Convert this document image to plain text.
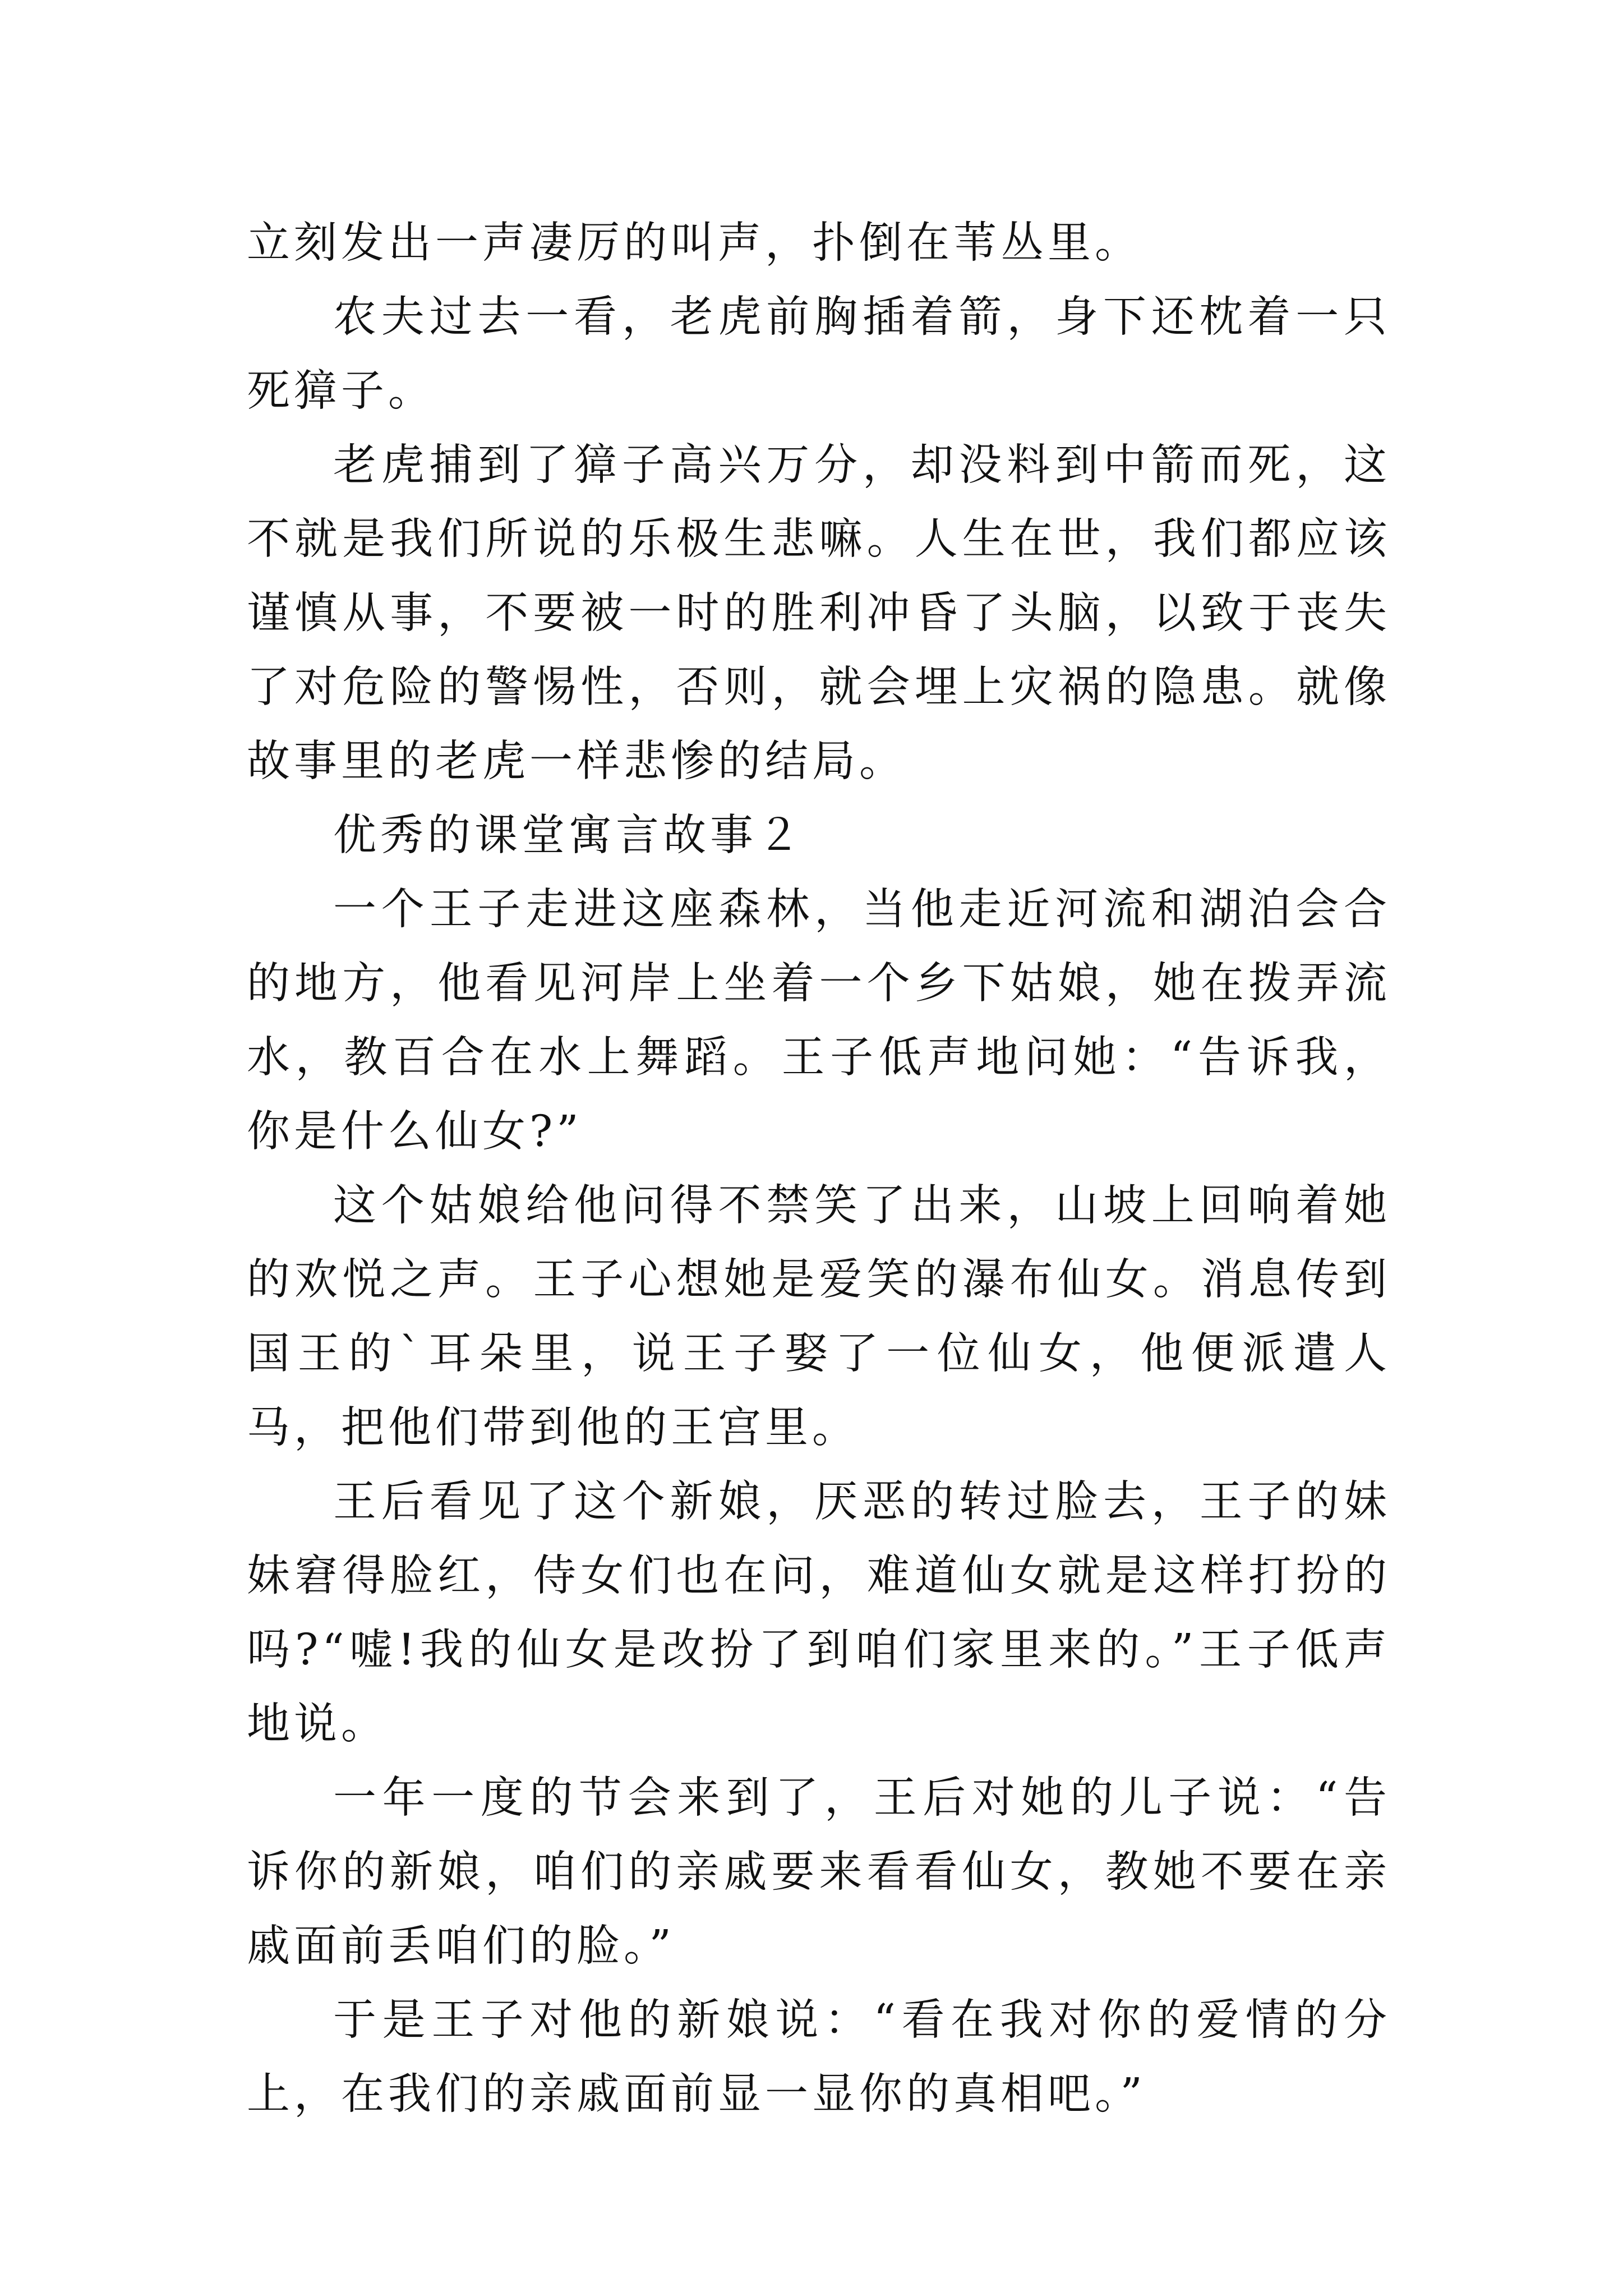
立刻发出一声凄厉的叫声，扑倒在苇丛里。

农夫过去一看，老虎前胸插着箭，身下还枕着一只死獐子。

老虎捕到了獐子高兴万分，却没料到中箭而死，这不就是我们所说的乐极生悲嘛。人生在世，我们都应该谨慎从事，不要被一时的胜利冲昏了头脑，以致于丧失了对危险的警惕性，否则，就会埋上灾祸的隐患。就像故事里的老虎一样悲惨的结局。

优秀的课堂寓言故事２

一个王子走进这座森林，当他走近河流和湖泊会合的地方，他看见河岸上坐着一个乡下姑娘，她在拨弄流水，教百合在水上舞蹈。王子低声地问她：“告诉我，你是什么仙女?”

这个姑娘给他问得不禁笑了出来，山坡上回响着她的欢悦之声。王子心想她是爱笑的瀑布仙女。消息传到国王的`耳朵里，说王子娶了一位仙女，他便派遣人马，把他们带到他的王宫里。

王后看见了这个新娘，厌恶的转过脸去，王子的妹妹窘得脸红，侍女们也在问，难道仙女就是这样打扮的吗?“嘘!我的仙女是改扮了到咱们家里来的。”王子低声地说。

一年一度的节会来到了，王后对她的儿子说：“告诉你的新娘，咱们的亲戚要来看看仙女，教她不要在亲戚面前丢咱们的脸。”

于是王子对他的新娘说：“看在我对你的爱情的分上，在我们的亲戚面前显一显你的真相吧。”
